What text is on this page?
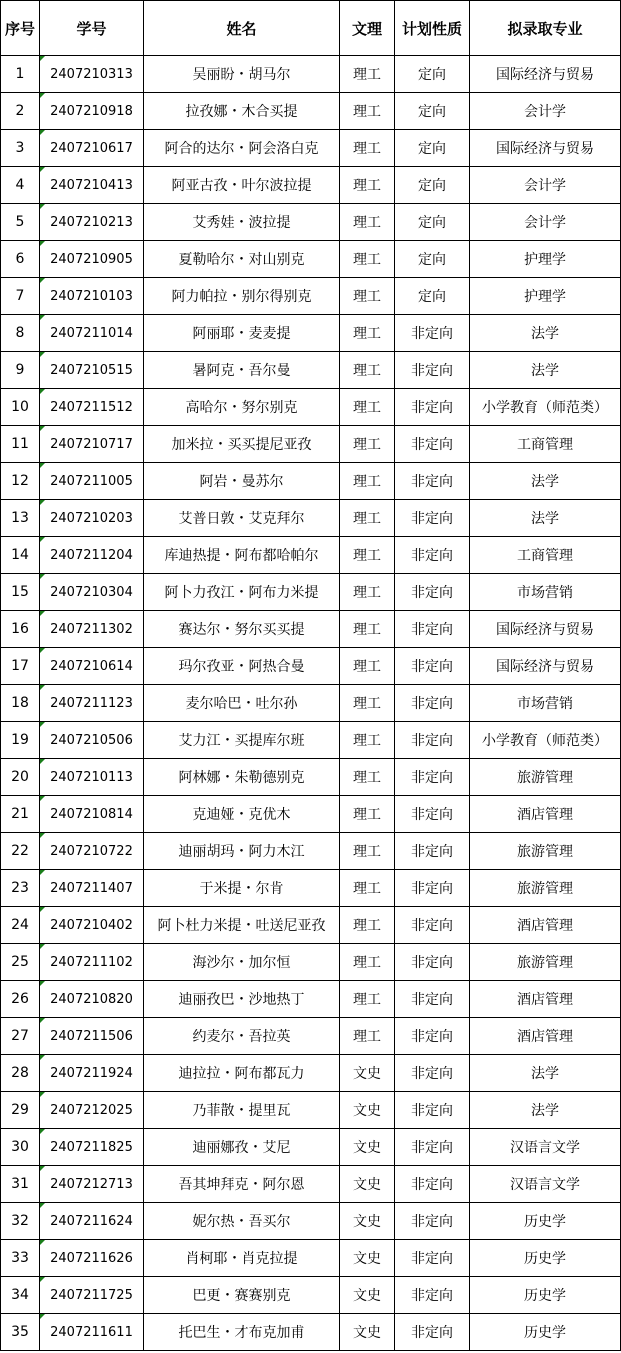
序号	学号	姓名	文理	计划性质	拟录取专业
1	2407210313	吴丽盼・胡马尔	理工	定向	国际经济与贸易
2	2407210918	拉孜娜・木合买提	理工	定向	会计学
3	2407210617	阿合的达尔・阿会洛白克	理工	定向	国际经济与贸易
4	2407210413	阿亚古孜・叶尔波拉提	理工	定向	会计学
5	2407210213	艾秀娃・波拉提	理工	定向	会计学
6	2407210905	夏勒哈尔・对山别克	理工	定向	护理学
7	2407210103	阿力帕拉・别尔得别克	理工	定向	护理学
8	2407211014	阿丽耶・麦麦提	理工	非定向	法学
9	2407210515	暑阿克・吾尔曼	理工	非定向	法学
10	2407211512	高哈尔・努尔别克	理工	非定向	小学教育（师范类）
11	2407210717	加米拉・买买提尼亚孜	理工	非定向	工商管理
12	2407211005	阿岩・曼苏尔	理工	非定向	法学
13	2407210203	艾普日敦・艾克拜尔	理工	非定向	法学
14	2407211204	库迪热提・阿布都哈帕尔	理工	非定向	工商管理
15	2407210304	阿卜力孜江・阿布力米提	理工	非定向	市场营销
16	2407211302	赛达尔・努尔买买提	理工	非定向	国际经济与贸易
17	2407210614	玛尔孜亚・阿热合曼	理工	非定向	国际经济与贸易
18	2407211123	麦尔哈巴・吐尔孙	理工	非定向	市场营销
19	2407210506	艾力江・买提库尔班	理工	非定向	小学教育（师范类）
20	2407210113	阿林娜・朱勒德别克	理工	非定向	旅游管理
21	2407210814	克迪娅・克优木	理工	非定向	酒店管理
22	2407210722	迪丽胡玛・阿力木江	理工	非定向	旅游管理
23	2407211407	于米提・尔肯	理工	非定向	旅游管理
24	2407210402	阿卜杜力米提・吐送尼亚孜	理工	非定向	酒店管理
25	2407211102	海沙尔・加尔恒	理工	非定向	旅游管理
26	2407210820	迪丽孜巴・沙地热丁	理工	非定向	酒店管理
27	2407211506	约麦尔・吾拉英	理工	非定向	酒店管理
28	2407211924	迪拉拉・阿布都瓦力	文史	非定向	法学
29	2407212025	乃菲散・提里瓦	文史	非定向	法学
30	2407211825	迪丽娜孜・艾尼	文史	非定向	汉语言文学
31	2407212713	吾其坤拜克・阿尔恩	文史	非定向	汉语言文学
32	2407211624	妮尔热・吾买尔	文史	非定向	历史学
33	2407211626	肖柯耶・肖克拉提	文史	非定向	历史学
34	2407211725	巴更・赛赛别克	文史	非定向	历史学
35	2407211611	托巴生・才布克加甫	文史	非定向	历史学
